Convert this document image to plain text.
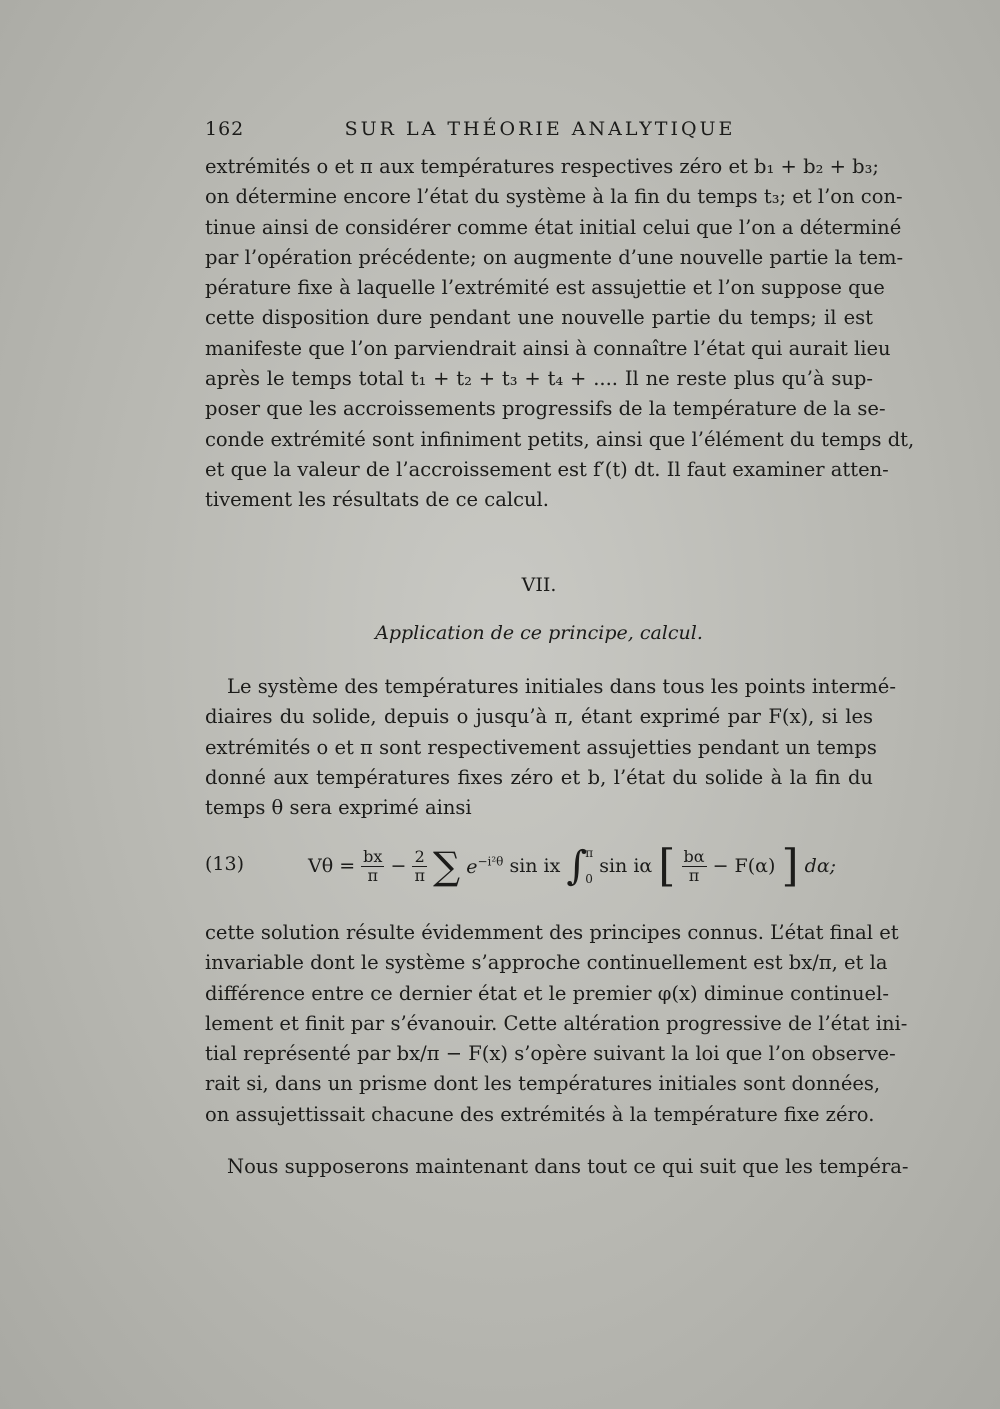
162	SUR LA THÉORIE ANALYTIQUE
extrémités o et π aux températures respectives zéro et b₁ + b₂ + b₃;
on détermine encore l’état du système à la fin du temps t₃; et l’on con-
tinue ainsi de considérer comme état initial celui que l’on a déterminé
par l’opération précédente; on augmente d’une nouvelle partie la tem-
pérature fixe à laquelle l’extrémité est assujettie et l’on suppose que
cette disposition dure pendant une nouvelle partie du temps; il est
manifeste que l’on parviendrait ainsi à connaître l’état qui aurait lieu
après le temps total t₁ + t₂ + t₃ + t₄ + .... Il ne reste plus qu’à sup-
poser que les accroissements progressifs de la température de la se-
conde extrémité sont infiniment petits, ainsi que l’élément du temps dt,
et que la valeur de l’accroissement est f′(t) dt. Il faut examiner atten-
tivement les résultats de ce calcul.
VII.
Application de ce principe, calcul.
Le système des températures initiales dans tous les points intermé-
diaires du solide, depuis o jusqu’à π, étant exprimé par F(x), si les
extrémités o et π sont respectivement assujetties pendant un temps
donné aux températures fixes zéro et b, l’état du solide à la fin du
temps θ sera exprimé ainsi
(13)	$V\theta = \frac{bx}{\pi} - \frac{2}{\pi}$ ∑ $e^{-i^2\theta}$ sin ix ∫
π
0
sin iα [ $\frac{b\alpha}{\pi} - F(\alpha)$ ] dα;
cette solution résulte évidemment des principes connus. L’état final et
invariable dont le système s’approche continuellement est bx/π, et la
différence entre ce dernier état et le premier φ(x) diminue continuel-
lement et finit par s’évanouir. Cette altération progressive de l’état ini-
tial représenté par bx/π − F(x) s’opère suivant la loi que l’on observe-
rait si, dans un prisme dont les températures initiales sont données,
on assujettissait chacune des extrémités à la température fixe zéro.
Nous supposerons maintenant dans tout ce qui suit que les tempéra-
